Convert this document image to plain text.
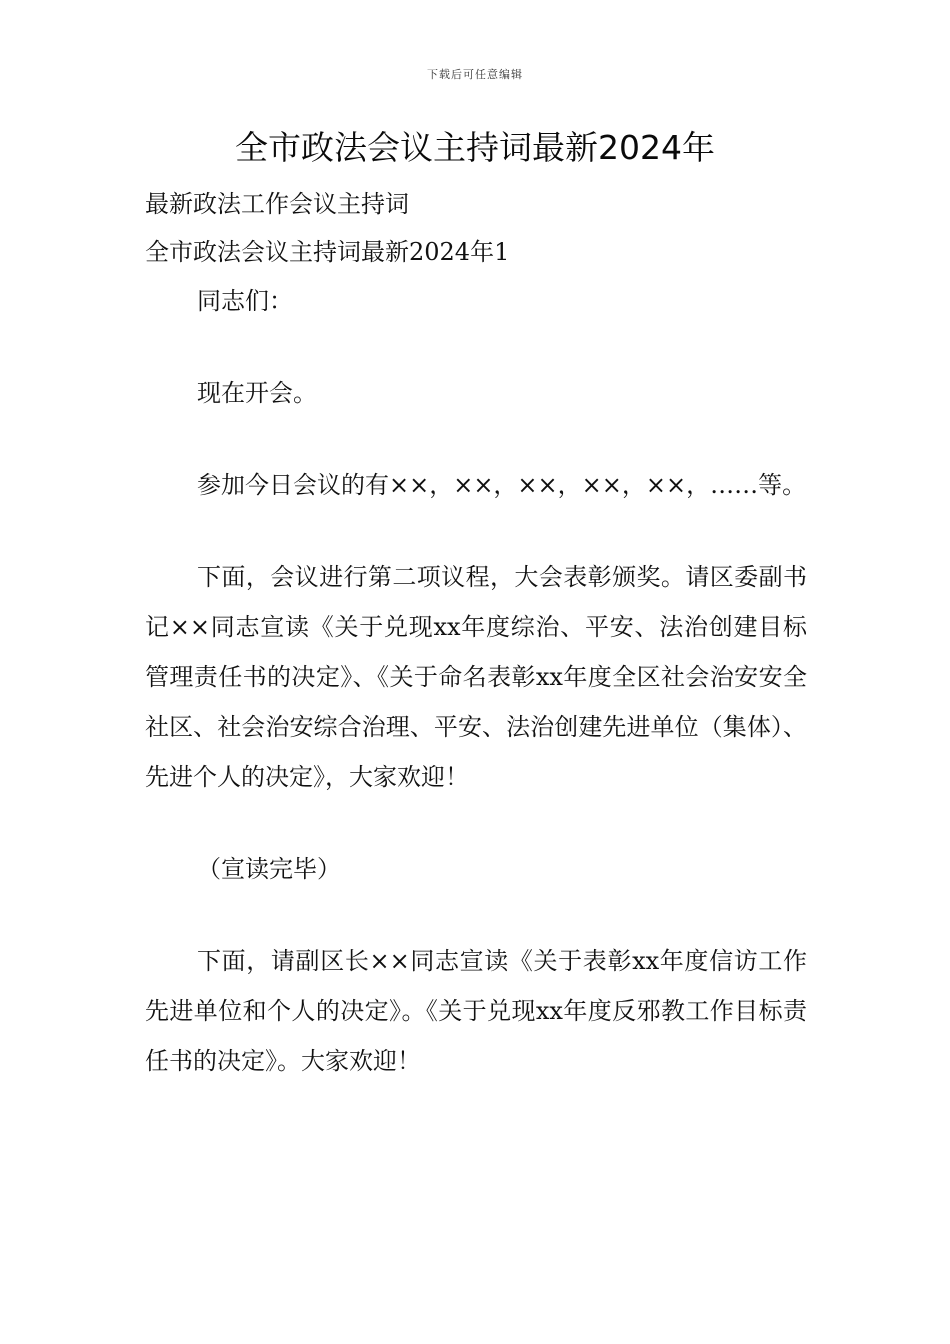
下载后可任意编辑
全市政法会议主持词最新2024年

最新政法工作会议主持词

全市政法会议主持词最新2024年1

同志们：

现在开会。

参加今日会议的有××，××，××，××，××，……等。

下面，会议进行第二项议程，大会表彰颁奖。请区委副书记××同志宣读《关于兑现xx年度综治、平安、法治创建目标管理责任书的决定》、《关于命名表彰xx年度全区社会治安安全社区、社会治安综合治理、平安、法治创建先进单位（集体）、先进个人的决定》，大家欢迎！

（宣读完毕）

下面，请副区长××同志宣读《关于表彰xx年度信访工作先进单位和个人的决定》。《关于兑现xx年度反邪教工作目标责任书的决定》。大家欢迎！
